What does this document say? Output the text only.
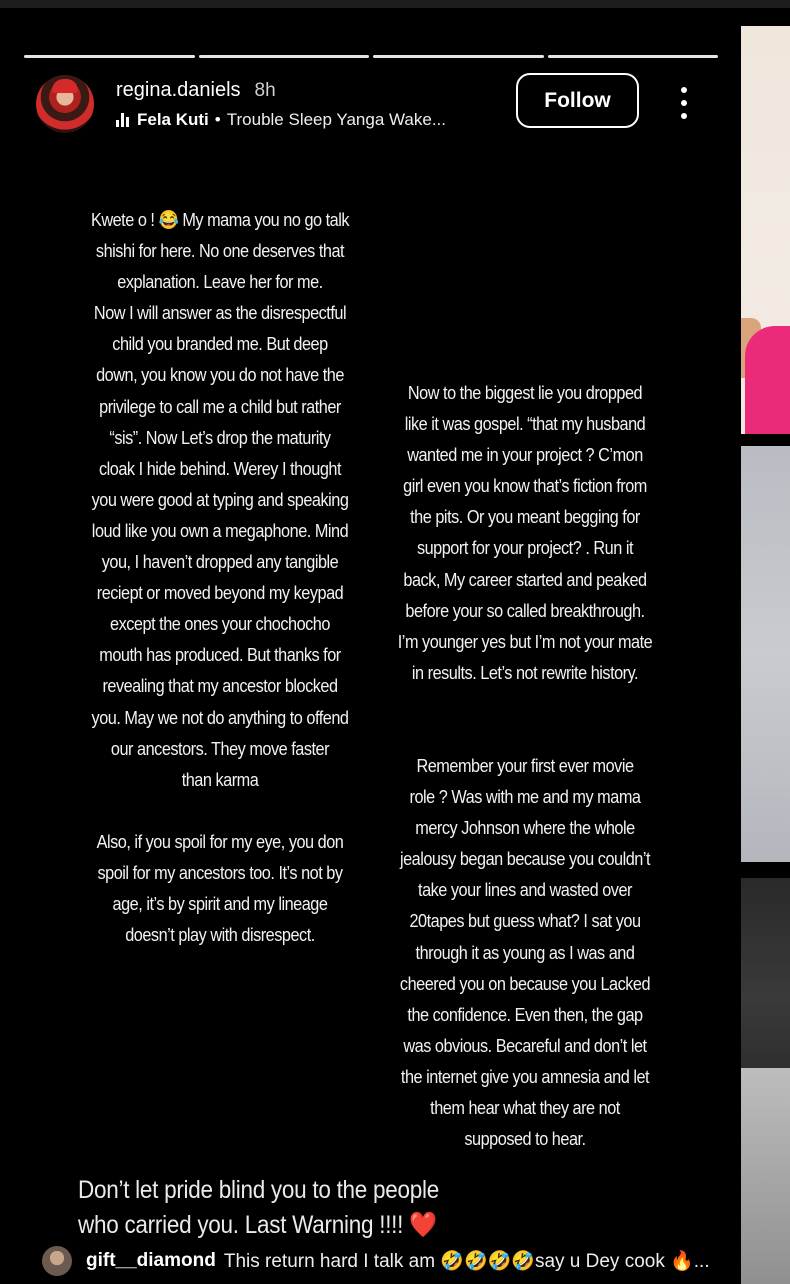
regina.daniels 8h
Fela Kuti • Trouble Sleep Yanga Wake...
Follow

Kwete o ! 😂 My mama you no go talk

shishi for here. No one deserves that

explanation. Leave her for me.

Now I will answer as the disrespectful

child you branded me. But deep

down, you know you do not have the

privilege to call me a child but rather

“sis”. Now Let’s drop the maturity

cloak I hide behind. Werey I thought

you were good at typing and speaking

loud like you own a megaphone. Mind

you, I haven’t dropped any tangible

reciept or moved beyond my keypad

except the ones your chochocho

mouth has produced. But thanks for

revealing that my ancestor blocked

you. May we not do anything to offend

our ancestors. They move faster

than karma

Also, if you spoil for my eye, you don

spoil for my ancestors too. It’s not by

age, it’s by spirit and my lineage

doesn’t play with disrespect.

Now to the biggest lie you dropped

like it was gospel. “that my husband

wanted me in your project ? C’mon

girl even you know that’s fiction from

the pits. Or you meant begging for

support for your project? . Run it

back, My career started and peaked

before your so called breakthrough.

I’m younger yes but I’m not your mate

in results. Let’s not rewrite history.

Remember your first ever movie

role ? Was with me and my mama

mercy Johnson where the whole

jealousy began because you couldn’t

take your lines and wasted over

20tapes but guess what? I sat you

through it as young as I was and

cheered you on because you Lacked

the confidence. Even then, the gap

was obvious. Becareful and don’t let

the internet give you amnesia and let

them hear what they are not

supposed to hear.

Don’t let pride blind you to the people
who carried you. Last Warning !!!! ❤️
gift__diamond This return hard I talk am 🤣🤣🤣🤣say u Dey cook 🔥...
